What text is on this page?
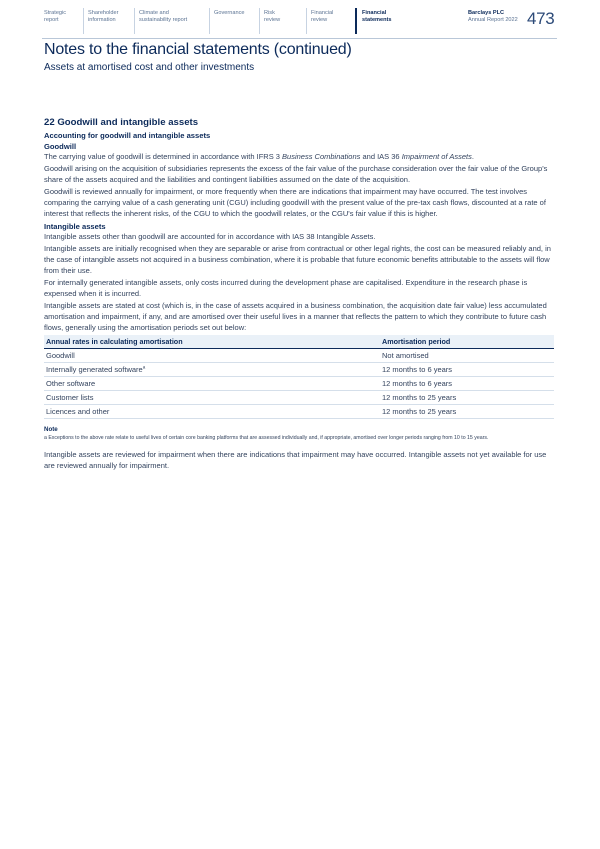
Strategic
report
Shareholder
information
Climate and
sustainability report
Governance	Risk
review
Financial
review
Financial
statements
Barclays PLC
Annual Report 2022 473
Notes to the financial statements (continued)
Assets at amortised cost and other investments
22 Goodwill and intangible assets
Accounting for goodwill and intangible assets
Goodwill

The carrying value of goodwill is determined in accordance with IFRS 3 Business Combinations and IAS 36 Impairment of Assets.

Goodwill arising on the acquisition of subsidiaries represents the excess of the fair value of the purchase consideration over the fair value of the Group's share of the assets acquired and the liabilities and contingent liabilities assumed on the date of the acquisition.

Goodwill is reviewed annually for impairment, or more frequently when there are indications that impairment may have occurred. The test involves comparing the carrying value of a cash generating unit (CGU) including goodwill with the present value of the pre-tax cash flows, discounted at a rate of interest that reflects the inherent risks, of the CGU to which the goodwill relates, or the CGU's fair value if this is higher.

Intangible assets

Intangible assets other than goodwill are accounted for in accordance with IAS 38 Intangible Assets.

Intangible assets are initially recognised when they are separable or arise from contractual or other legal rights, the cost can be measured reliably and, in the case of intangible assets not acquired in a business combination, where it is probable that future economic benefits attributable to the assets will flow from their use.

For internally generated intangible assets, only costs incurred during the development phase are capitalised. Expenditure in the research phase is expensed when it is incurred.

Intangible assets are stated at cost (which is, in the case of assets acquired in a business combination, the acquisition date fair value) less accumulated amortisation and impairment, if any, and are amortised over their useful lives in a manner that reflects the pattern to which they contribute to future cash flows, generally using the amortisation periods set out below:

Annual rates in calculating amortisation	Amortisation period
Goodwill	Not amortised
Internally generated software$^a$	12 months to 6 years
Other software	12 months to 6 years
Customer lists	12 months to 25 years
Licences and other	12 months to 25 years
Note
a Exceptions to the above rate relate to useful lives of certain core banking platforms that are assessed individually and, if appropriate, amortised over longer periods ranging from 10 to 15 years.

Intangible assets are reviewed for impairment when there are indications that impairment may have occurred. Intangible assets not yet available for use are reviewed annually for impairment.
